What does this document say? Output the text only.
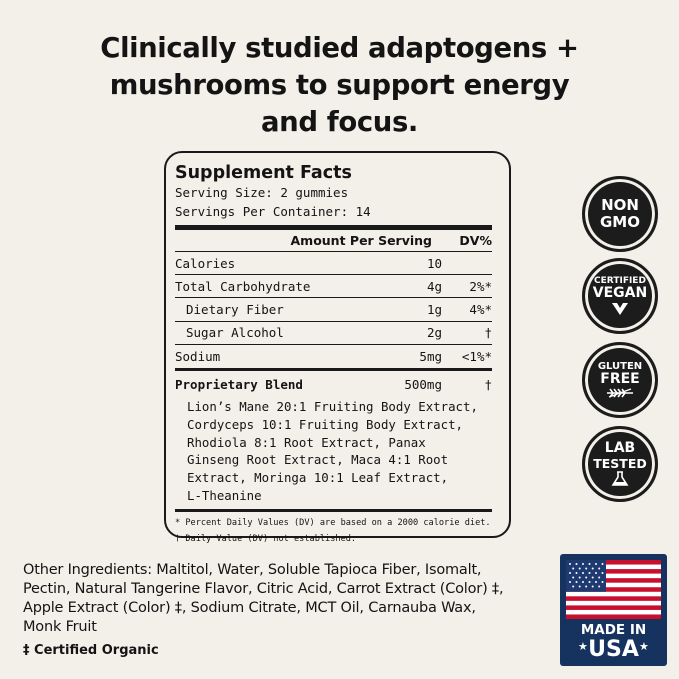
Clinically studied adaptogens +
mushrooms to support energy
and focus.
Supplement Facts
Serving Size: 2 gummies
Servings Per Container: 14
Amount Per Serving	DV%
Calories	10
Total Carbohydrate	4g	2%*
Dietary Fiber	1g	4%*
Sugar Alcohol	2g	†
Sodium	5mg	<1%*
Proprietary Blend	500mg	†
Lion’s Mane 20:1 Fruiting Body Extract,
Cordyceps 10:1 Fruiting Body Extract,
Rhodiola 8:1 Root Extract, Panax
Ginseng Root Extract, Maca 4:1 Root
Extract, Moringa 10:1 Leaf Extract,
L-Theanine
* Percent Daily Values (DV) are based on a 2000 calorie diet.
† Daily Value (DV) not established.
NON
GMO
CERTIFIED
VEGAN
GLUTEN
FREE
LAB
TESTED
Other Ingredients: Maltitol, Water, Soluble Tapioca Fiber, Isomalt,
Pectin, Natural Tangerine Flavor, Citric Acid, Carrot Extract (Color) ‡,
Apple Extract (Color) ‡, Sodium Citrate, MCT Oil, Carnauba Wax,
Monk Fruit
‡ Certified Organic
MADE IN
★ USA ★
